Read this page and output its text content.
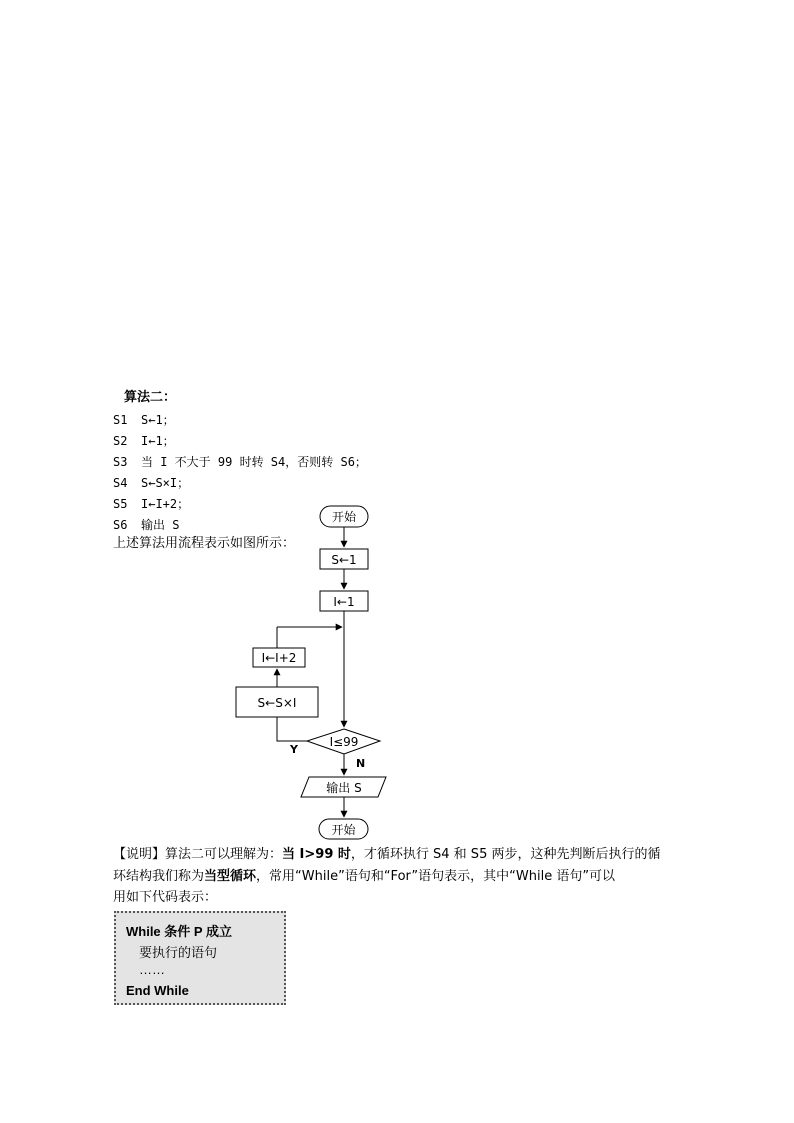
算法二：
S1 S←1；
S2 I←1；
S3 当 I 不大于 99 时转 S4，否则转 S6；
S4 S←S×I；
S5 I←I+2；
S6 输出 S
上述算法用流程表示如图所示：
开始
S←1
I←1
I←I+2
S←S×I
Y
I≤99
N
输出 S
开始
【说明】算法二可以理解为：当 I>99 时，才循环执行 S4 和 S5 两步，这种先判断后执行的循
环结构我们称为当型循环，常用“While”语句和“For”语句表示，其中“While 语句”可以
用如下代码表示：
While 条件 P 成立
要执行的语句
……
End While
